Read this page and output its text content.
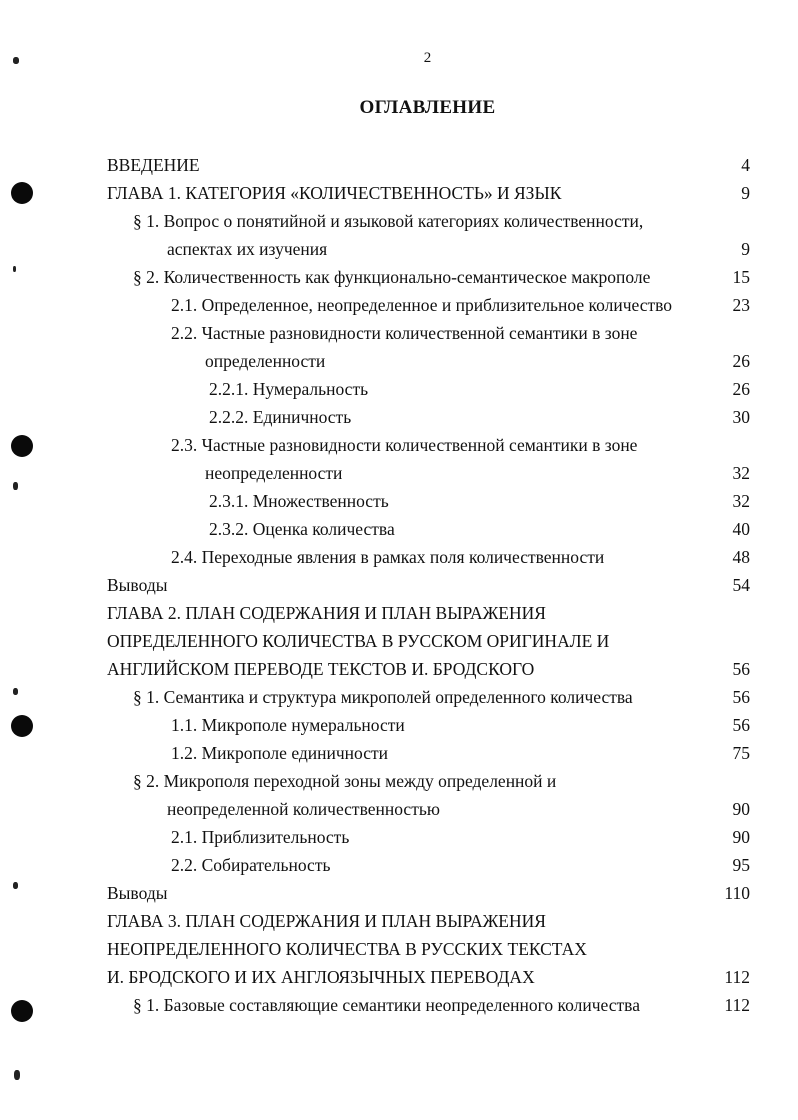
2
ОГЛАВЛЕНИЕ
ВВЕДЕНИЕ	4
ГЛАВА 1. КАТЕГОРИЯ «КОЛИЧЕСТВЕННОСТЬ» И ЯЗЫК	9
§ 1. Вопрос о понятийной и языковой категориях количественности,
аспектах их изучения	9
§ 2. Количественность как функционально-семантическое макрополе	15
2.1. Определенное, неопределенное и приблизительное количество	23
2.2. Частные разновидности количественной семантики в зоне
определенности	26
2.2.1. Нумеральность	26
2.2.2. Единичность	30
2.3. Частные разновидности количественной семантики в зоне
неопределенности	32
2.3.1. Множественность	32
2.3.2. Оценка количества	40
2.4. Переходные явления в рамках поля количественности	48
Выводы	54
ГЛАВА 2. ПЛАН СОДЕРЖАНИЯ И ПЛАН ВЫРАЖЕНИЯ
ОПРЕДЕЛЕННОГО КОЛИЧЕСТВА В РУССКОМ ОРИГИНАЛЕ И
АНГЛИЙСКОМ ПЕРЕВОДЕ ТЕКСТОВ И. БРОДСКОГО	56
§ 1. Семантика и структура микрополей определенного количества	56
1.1. Микрополе нумеральности	56
1.2. Микрополе единичности	75
§ 2. Микрополя переходной зоны между определенной и
неопределенной количественностью	90
2.1. Приблизительность	90
2.2. Собирательность	95
Выводы	110
ГЛАВА 3. ПЛАН СОДЕРЖАНИЯ И ПЛАН ВЫРАЖЕНИЯ
НЕОПРЕДЕЛЕННОГО КОЛИЧЕСТВА В РУССКИХ ТЕКСТАХ
И. БРОДСКОГО И ИХ АНГЛОЯЗЫЧНЫХ ПЕРЕВОДАХ	112
§ 1. Базовые составляющие семантики неопределенного количества	112
